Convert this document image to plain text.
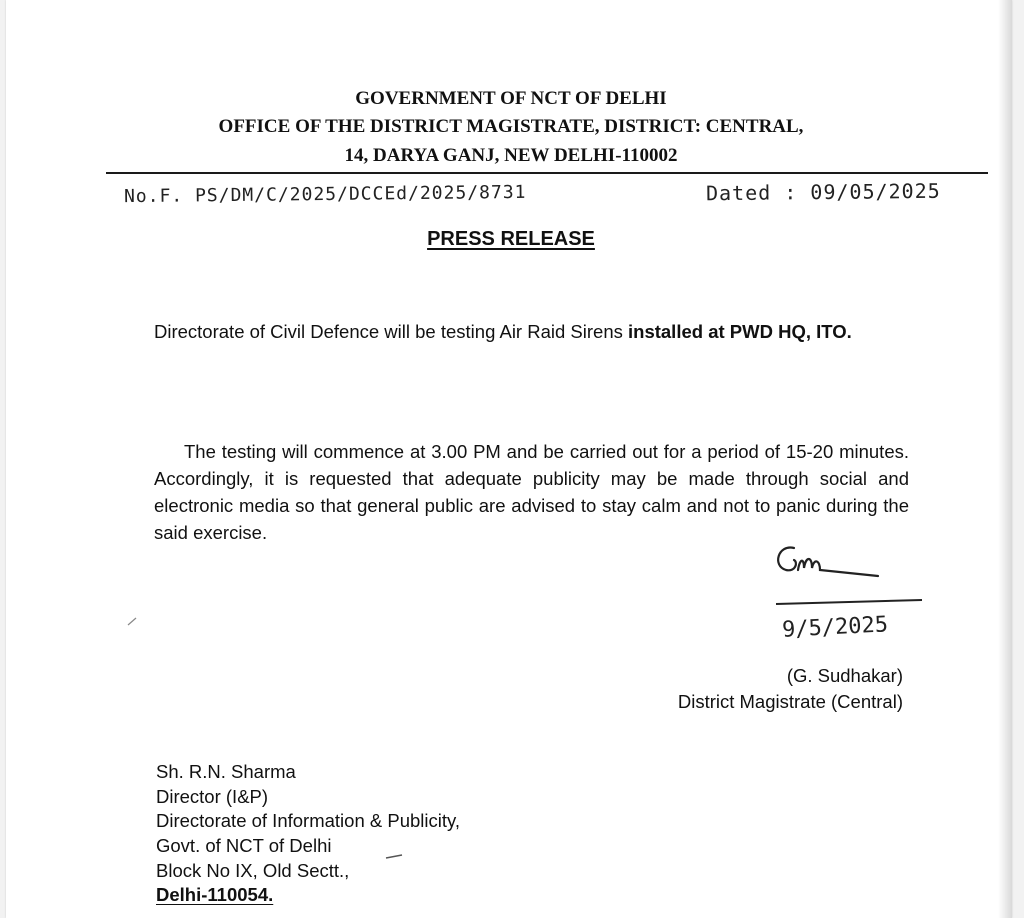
GOVERNMENT OF NCT OF DELHI
OFFICE OF THE DISTRICT MAGISTRATE, DISTRICT: CENTRAL,
14, DARYA GANJ, NEW DELHI-110002
No.F. PS/DM/C/2025/DCCEd/2025/8731	Dated : 09/05/2025
PRESS RELEASE

Directorate of Civil Defence will be testing Air Raid Sirens installed at PWD HQ, ITO.

The testing will commence at 3.00 PM and be carried out for a period of 15-20 minutes. Accordingly, it is requested that adequate publicity may be made through social and electronic media so that general public are advised to stay calm and not to panic during the said exercise.

9/5/2025
(G. Sudhakar)
District Magistrate (Central)
Sh. R.N. Sharma
Director (I&P)
Directorate of Information & Publicity,
Govt. of NCT of Delhi
Block No IX, Old Sectt.,
Delhi-110054.
